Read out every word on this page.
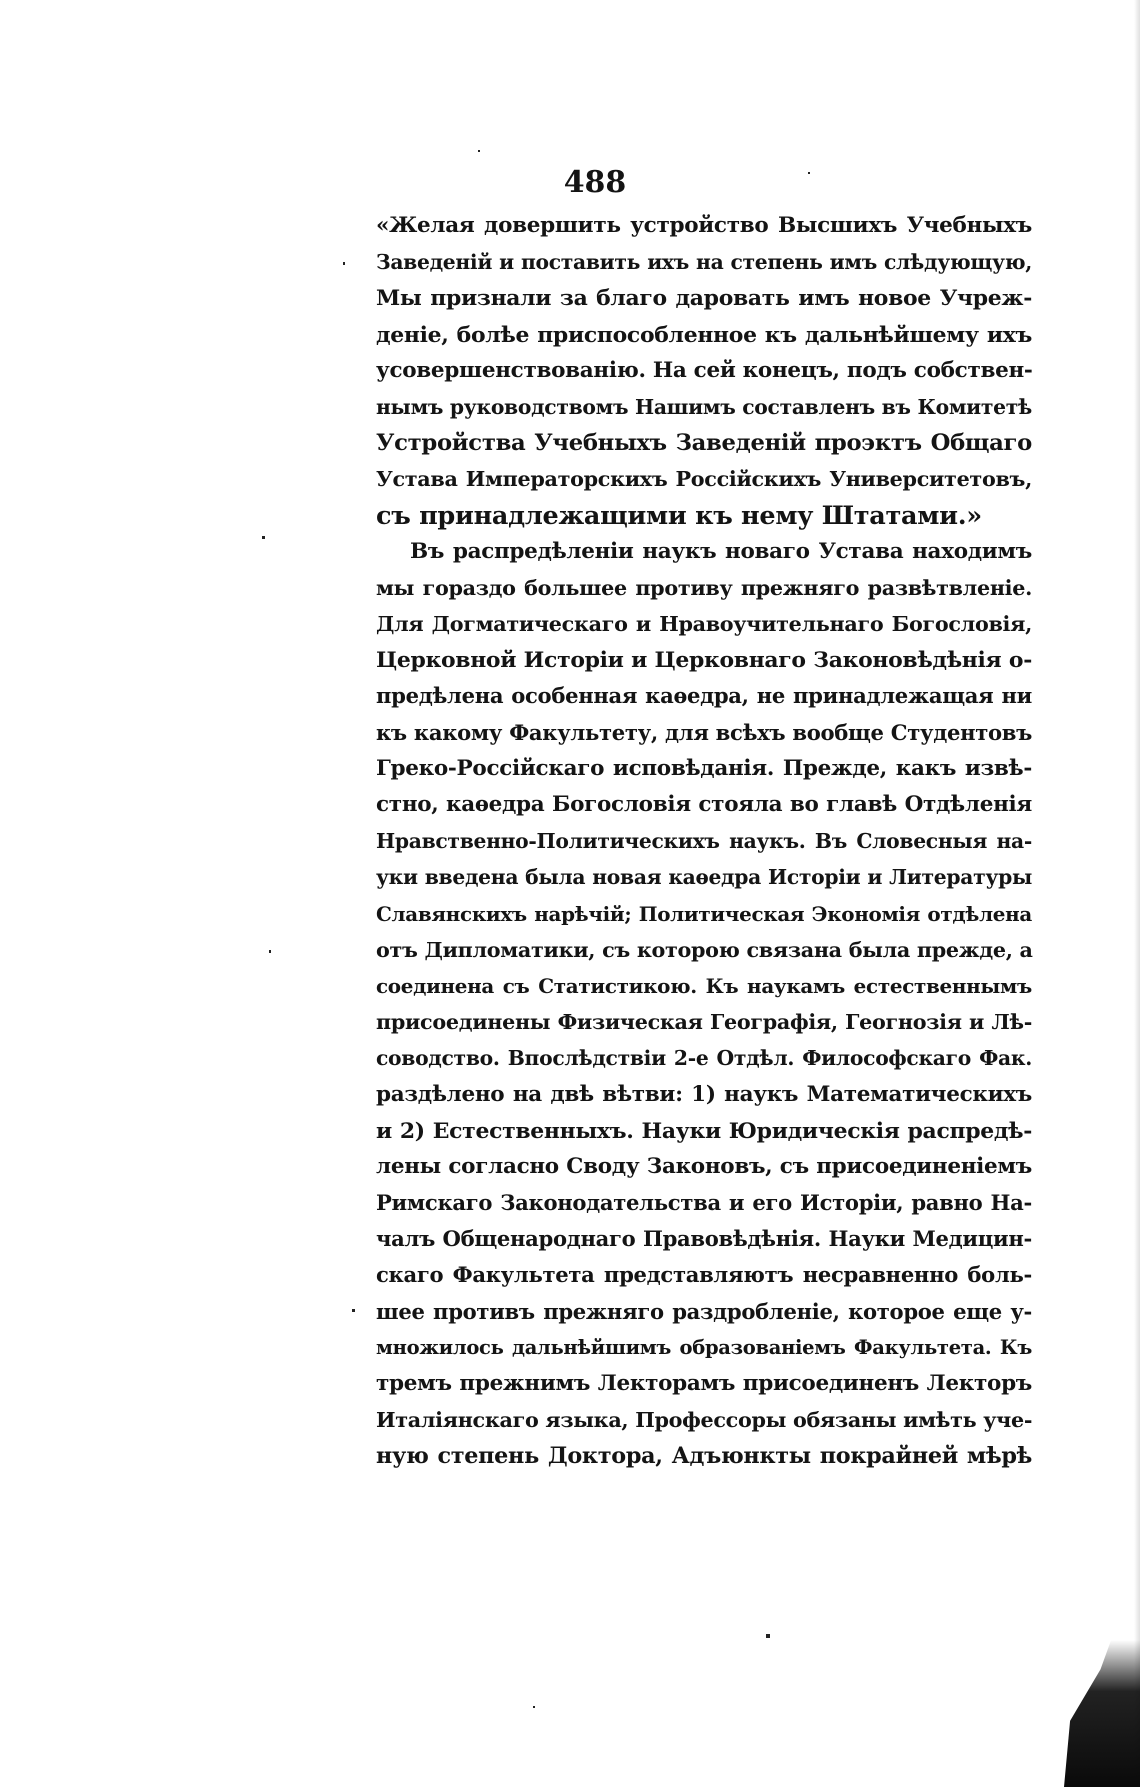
488
«Желая довершить устройство Высшихъ Учебныхъ
Заведеній и поставить ихъ на степень имъ слѣдующую,
Мы признали за благо даровать имъ новое Учреж-
деніе, болѣе приспособленное къ дальнѣйшему ихъ
усовершенствованію. На сей конецъ, подъ собствен-
нымъ руководствомъ Нашимъ составленъ въ Комитетѣ
Устройства Учебныхъ Заведеній проэктъ Общаго
Устава Императорскихъ Россійскихъ Университетовъ,
съ принадлежащими къ нему Штатами.»
Въ распредѣленіи наукъ новаго Устава находимъ
мы гораздо большее противу прежняго развѣтвленіе.
Для Догматическаго и Нравоучительнаго Богословія,
Церковной Исторіи и Церковнаго Законовѣдѣнія о-
предѣлена особенная каѳедра, не принадлежащая ни
къ какому Факультету, для всѣхъ вообще Студентовъ
Греко-Россійскаго исповѣданія. Прежде, какъ извѣ-
стно, каѳедра Богословія стояла во главѣ Отдѣленія
Нравственно-Политическихъ наукъ. Въ Словесныя на-
уки введена была новая каѳедра Исторіи и Литературы
Славянскихъ нарѣчій; Политическая Экономія отдѣлена
отъ Дипломатики, съ которою связана была прежде, а
соединена съ Статистикою. Къ наукамъ естественнымъ
присоединены Физическая Географія, Геогнозія и Лѣ-
соводство. Впослѣдствіи 2-е Отдѣл. Философскаго Фак.
раздѣлено на двѣ вѣтви: 1) наукъ Математическихъ
и 2) Естественныхъ. Науки Юридическія распредѣ-
лены согласно Своду Законовъ, съ присоединеніемъ
Римскаго Законодательства и его Исторіи, равно На-
чалъ Общенароднаго Правовѣдѣнія. Науки Медицин-
скаго Факультета представляютъ несравненно боль-
шее противъ прежняго раздробленіе, которое еще у-
множилось дальнѣйшимъ образованіемъ Факультета. Къ
тремъ прежнимъ Лекторамъ присоединенъ Лекторъ
Италіянскаго языка, Профессоры обязаны имѣть уче-
ную степень Доктора, Адъюнкты покрайней мѣрѣ
